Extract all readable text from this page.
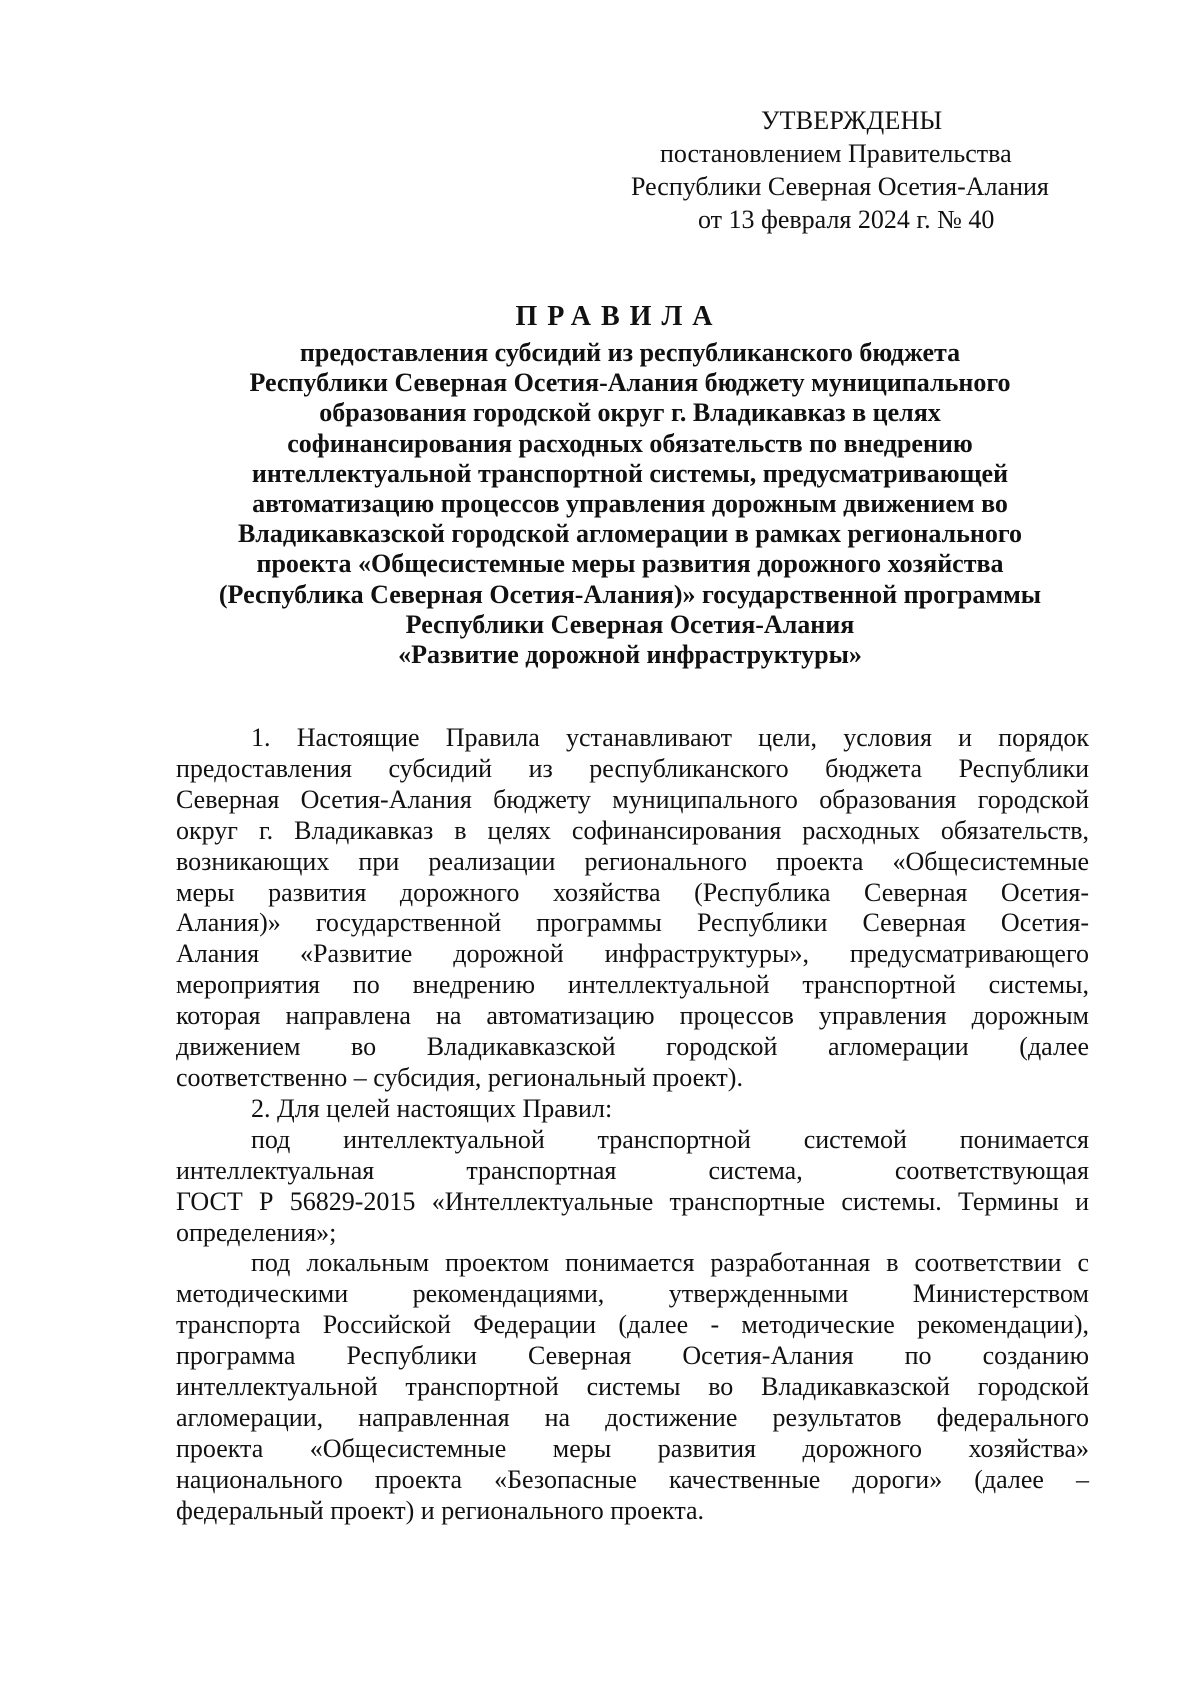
УТВЕРЖДЕНЫ
постановлением Правительства
Республики Северная Осетия-Алания
от 13 февраля 2024 г. № 40
ПРАВИЛА
предоставления субсидий из республиканского бюджета
Республики Северная Осетия-Алания бюджету муниципального
образования городской округ г. Владикавказ в целях
софинансирования расходных обязательств по внедрению
интеллектуальной транспортной системы, предусматривающей
автоматизацию процессов управления дорожным движением во
Владикавказской городской агломерации в рамках регионального
проекта «Общесистемные меры развития дорожного хозяйства
(Республика Северная Осетия-Алания)» государственной программы
Республики Северная Осетия-Алания
«Развитие дорожной инфраструктуры»
1. Настоящие Правила устанавливают цели, условия и порядок
предоставления субсидий из республиканского бюджета Республики
Северная Осетия-Алания бюджету муниципального образования городской
округ г. Владикавказ в целях софинансирования расходных обязательств,
возникающих при реализации регионального проекта «Общесистемные
меры развития дорожного хозяйства (Республика Северная Осетия-
Алания)» государственной программы Республики Северная Осетия-
Алания «Развитие дорожной инфраструктуры», предусматривающего
мероприятия по внедрению интеллектуальной транспортной системы,
которая направлена на автоматизацию процессов управления дорожным
движением во Владикавказской городской агломерации (далее
соответственно – субсидия, региональный проект).
2. Для целей настоящих Правил:
под интеллектуальной транспортной системой понимается
интеллектуальная транспортная система, соответствующая
ГОСТ Р 56829-2015 «Интеллектуальные транспортные системы. Термины и
определения»;
под локальным проектом понимается разработанная в соответствии с
методическими рекомендациями, утвержденными Министерством
транспорта Российской Федерации (далее - методические рекомендации),
программа Республики Северная Осетия-Алания по созданию
интеллектуальной транспортной системы во Владикавказской городской
агломерации, направленная на достижение результатов федерального
проекта «Общесистемные меры развития дорожного хозяйства»
национального проекта «Безопасные качественные дороги» (далее –
федеральный проект) и регионального проекта.
